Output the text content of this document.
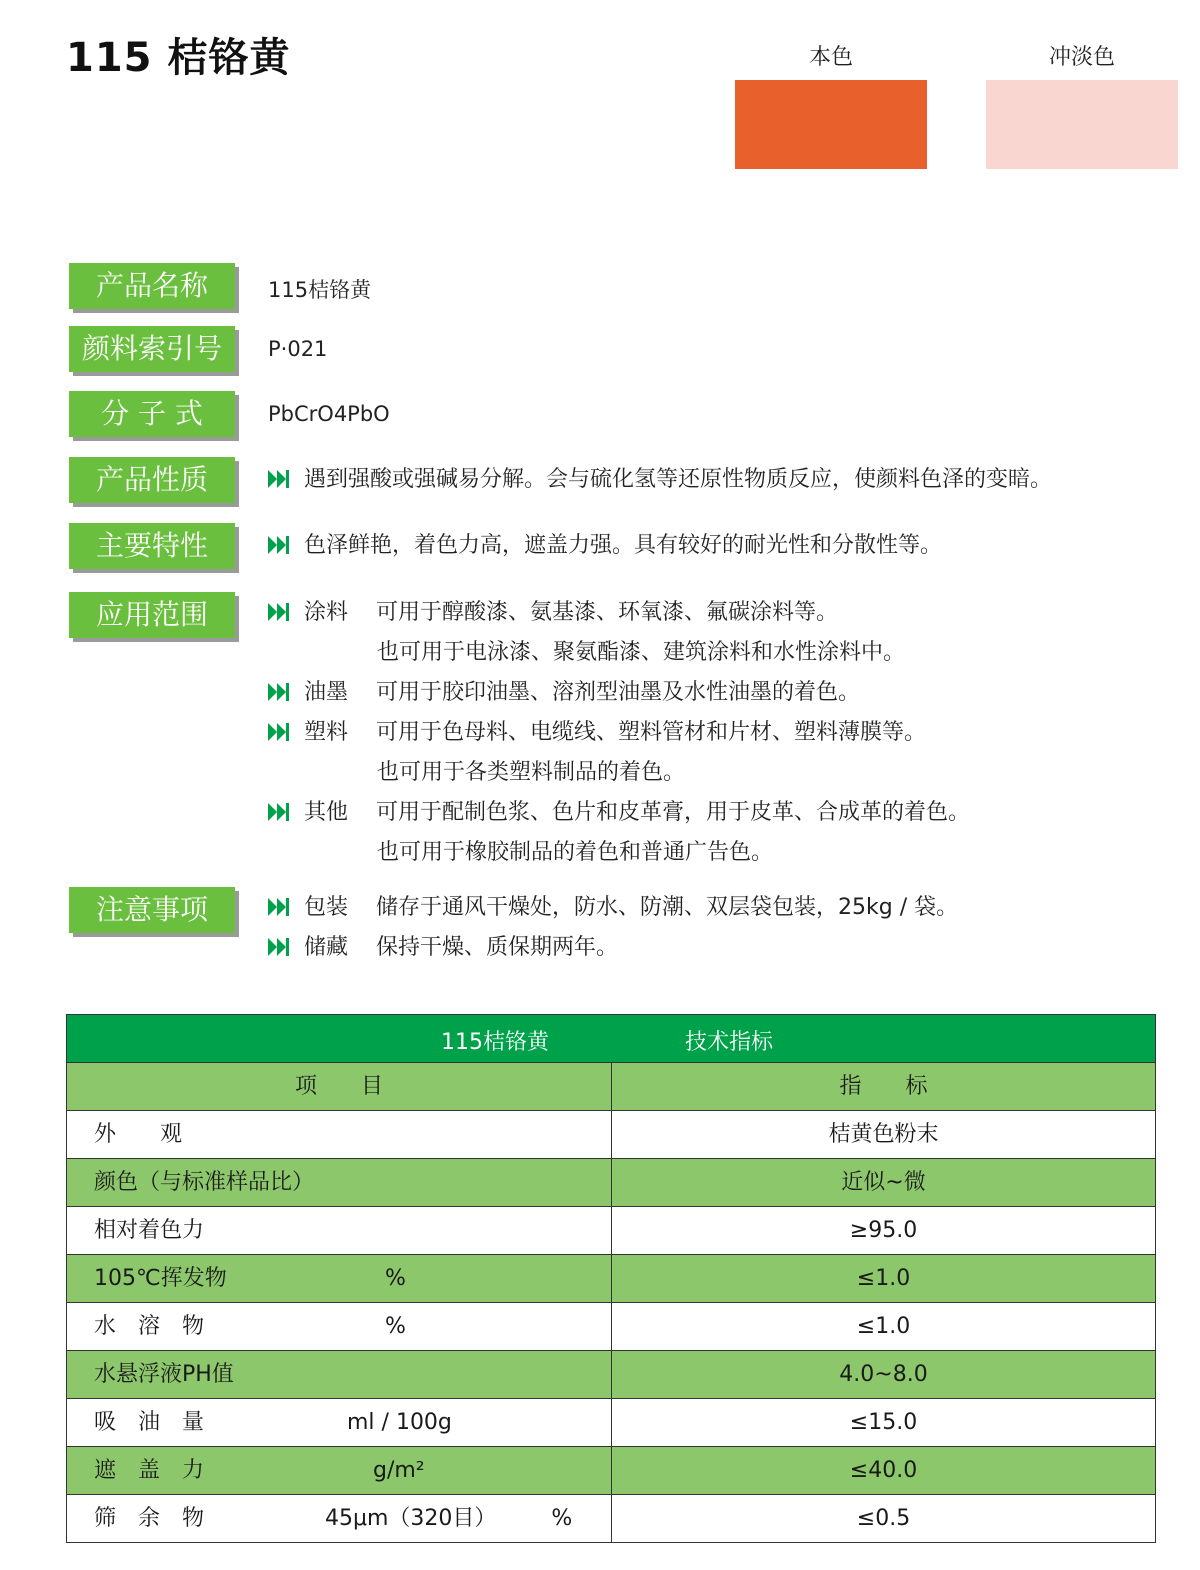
115 桔铬黄	本色	冲淡色
产品名称	115桔铬黄
颜料索引号	P·021
分 子 式	PbCrO4PbO
产品性质	遇到强酸或强碱易分解。会与硫化氢等还原性物质反应，使颜料色泽的变暗。
主要特性	色泽鲜艳，着色力高，遮盖力强。具有较好的耐光性和分散性等。
应用范围	涂料 可用于醇酸漆、氨基漆、环氧漆、氟碳涂料等。
也可用于电泳漆、聚氨酯漆、建筑涂料和水性涂料中。
油墨 可用于胶印油墨、溶剂型油墨及水性油墨的着色。
塑料 可用于色母料、电缆线、塑料管材和片材、塑料薄膜等。
也可用于各类塑料制品的着色。
其他 可用于配制色浆、色片和皮革膏，用于皮革、合成革的着色。
也可用于橡胶制品的着色和普通广告色。
注意事项	包装 储存于通风干燥处，防水、防潮、双层袋包装，25kg / 袋。
储藏 保持干燥、质保期两年。
115桔铬黄	技术指标
项　　目	指　　标
外　　观	桔黄色粉末
颜色（与标准样品比）	近似~微
相对着色力	≥95.0
105℃挥发物	%	≤1.0
水　溶　物	%	≤1.0
水悬浮液PH值	4.0~8.0
吸　油　量	ml / 100g	≤15.0
遮　盖　力	g/m²	≤40.0
筛　余　物	45μm（320目）　　　%	≤0.5
